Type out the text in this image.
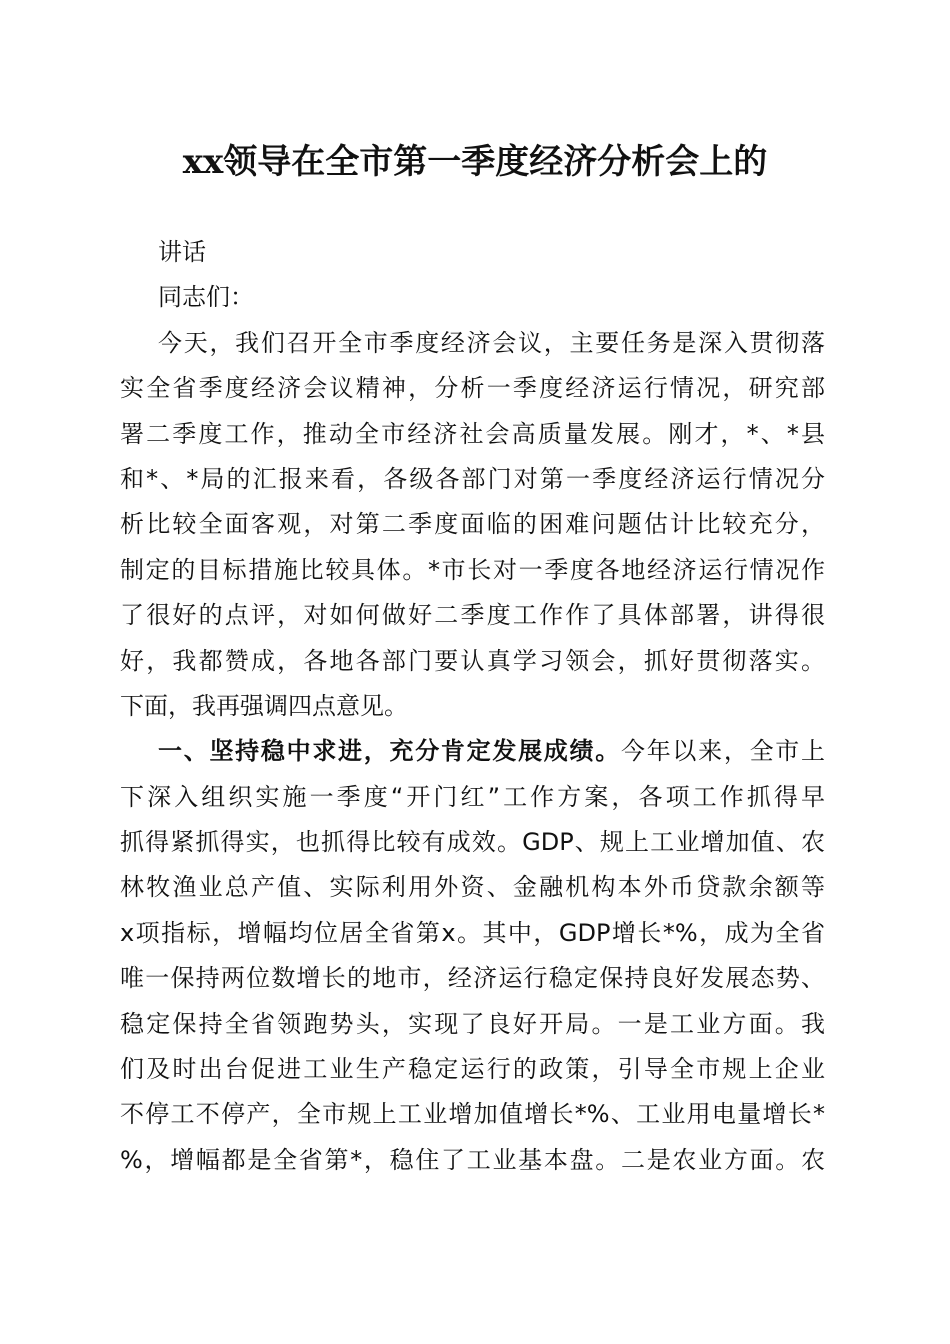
xx领导在全市第一季度经济分析会上的
讲话
同志们：
今天，我们召开全市季度经济会议，主要任务是深入贯彻落
实全省季度经济会议精神，分析一季度经济运行情况，研究部
署二季度工作，推动全市经济社会高质量发展。刚才，*、*县
和*、*局的汇报来看，各级各部门对第一季度经济运行情况分
析比较全面客观，对第二季度面临的困难问题估计比较充分，
制定的目标措施比较具体。*市长对一季度各地经济运行情况作
了很好的点评，对如何做好二季度工作作了具体部署，讲得很
好，我都赞成，各地各部门要认真学习领会，抓好贯彻落实。
下面，我再强调四点意见。
一、坚持稳中求进，充分肯定发展成绩。今年以来，全市上
下深入组织实施一季度“开门红”工作方案，各项工作抓得早
抓得紧抓得实，也抓得比较有成效。GDP、规上工业增加值、农
林牧渔业总产值、实际利用外资、金融机构本外币贷款余额等
x项指标，增幅均位居全省第x。其中，GDP增长*%，成为全省
唯一保持两位数增长的地市，经济运行稳定保持良好发展态势、
稳定保持全省领跑势头，实现了良好开局。一是工业方面。我
们及时出台促进工业生产稳定运行的政策，引导全市规上企业
不停工不停产，全市规上工业增加值增长*%、工业用电量增长*
%，增幅都是全省第*，稳住了工业基本盘。二是农业方面。农
